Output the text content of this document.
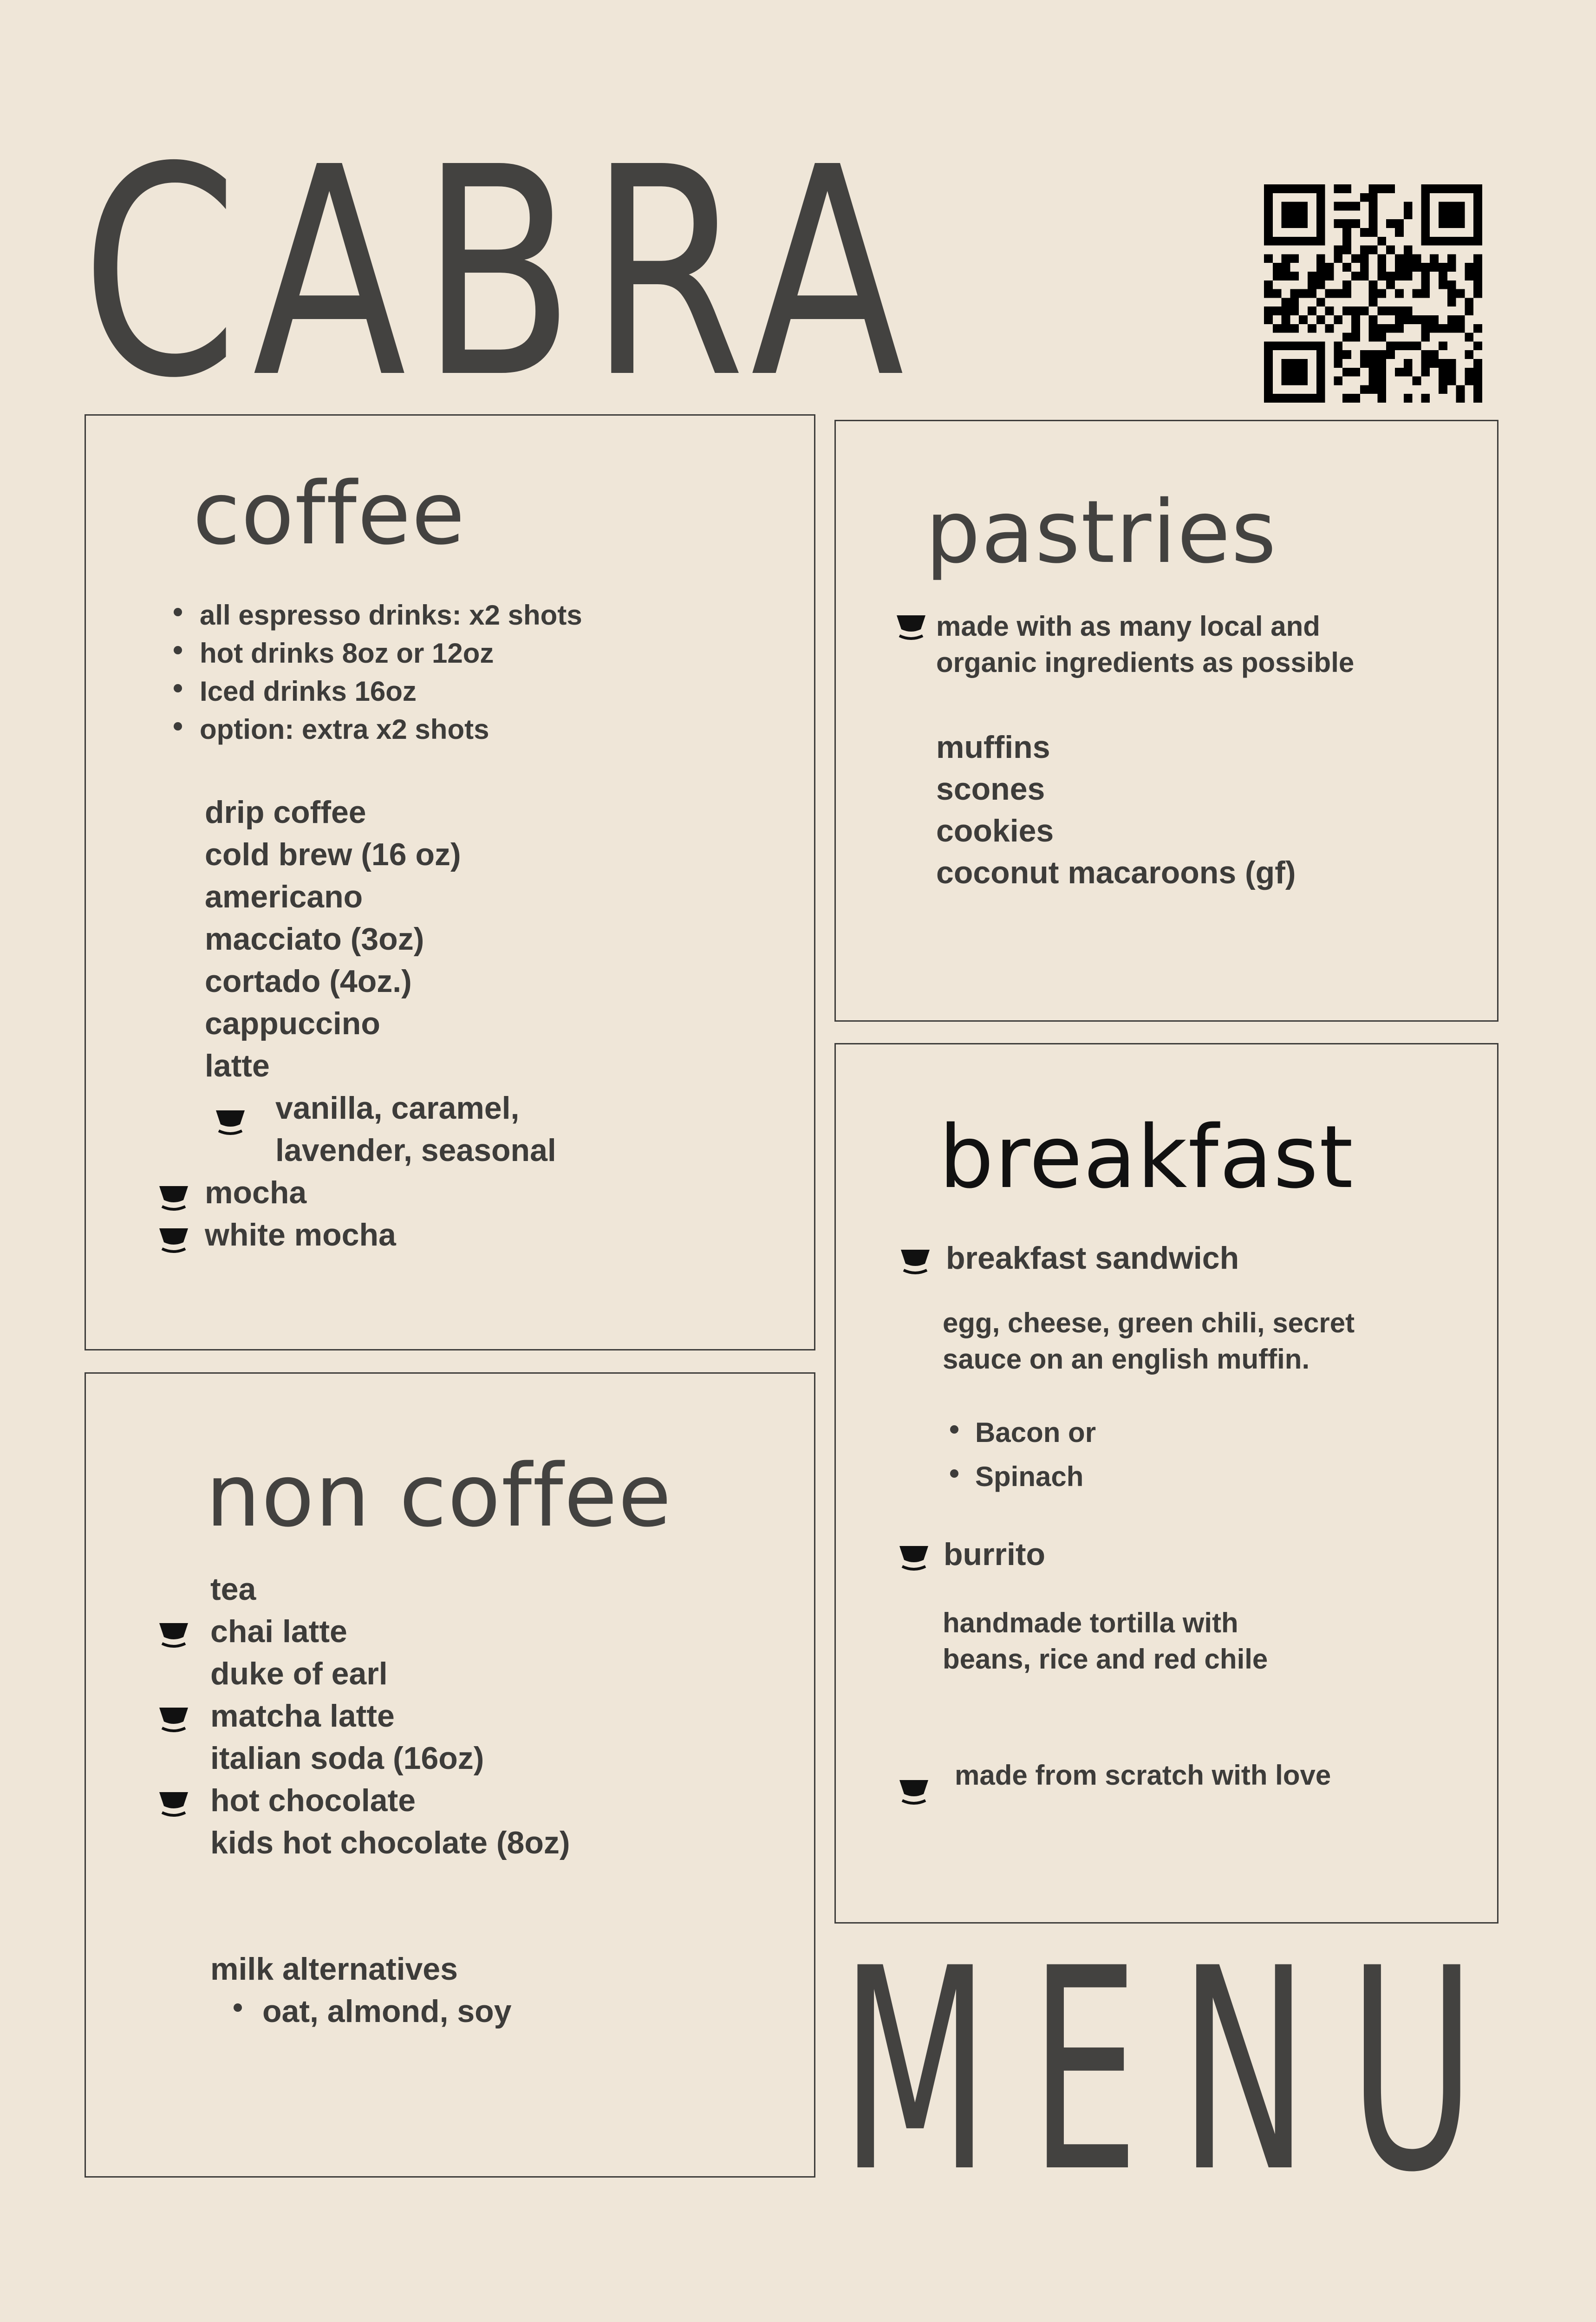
CABRA
coffee
all espresso drinks: x2 shots
hot drinks 8oz or 12oz
Iced drinks 16oz
option: extra x2 shots
drip coffee
cold brew (16 oz)
americano
macciato (3oz)
cortado (4oz.)
cappuccino
latte
vanilla, caramel,
lavender, seasonal
mocha
white mocha
non coffee
tea
chai latte
duke of earl
matcha latte
italian soda (16oz)
hot chocolate
kids hot chocolate (8oz)
milk alternatives
oat, almond, soy
pastries
made with as many local and
organic ingredients as possible
muffins
scones
cookies
coconut macaroons (gf)
breakfast
breakfast sandwich
egg, cheese, green chili, secret
sauce on an english muffin.
Bacon or
Spinach
burrito
handmade tortilla with
beans, rice and red chile
made from scratch with love
MENU
